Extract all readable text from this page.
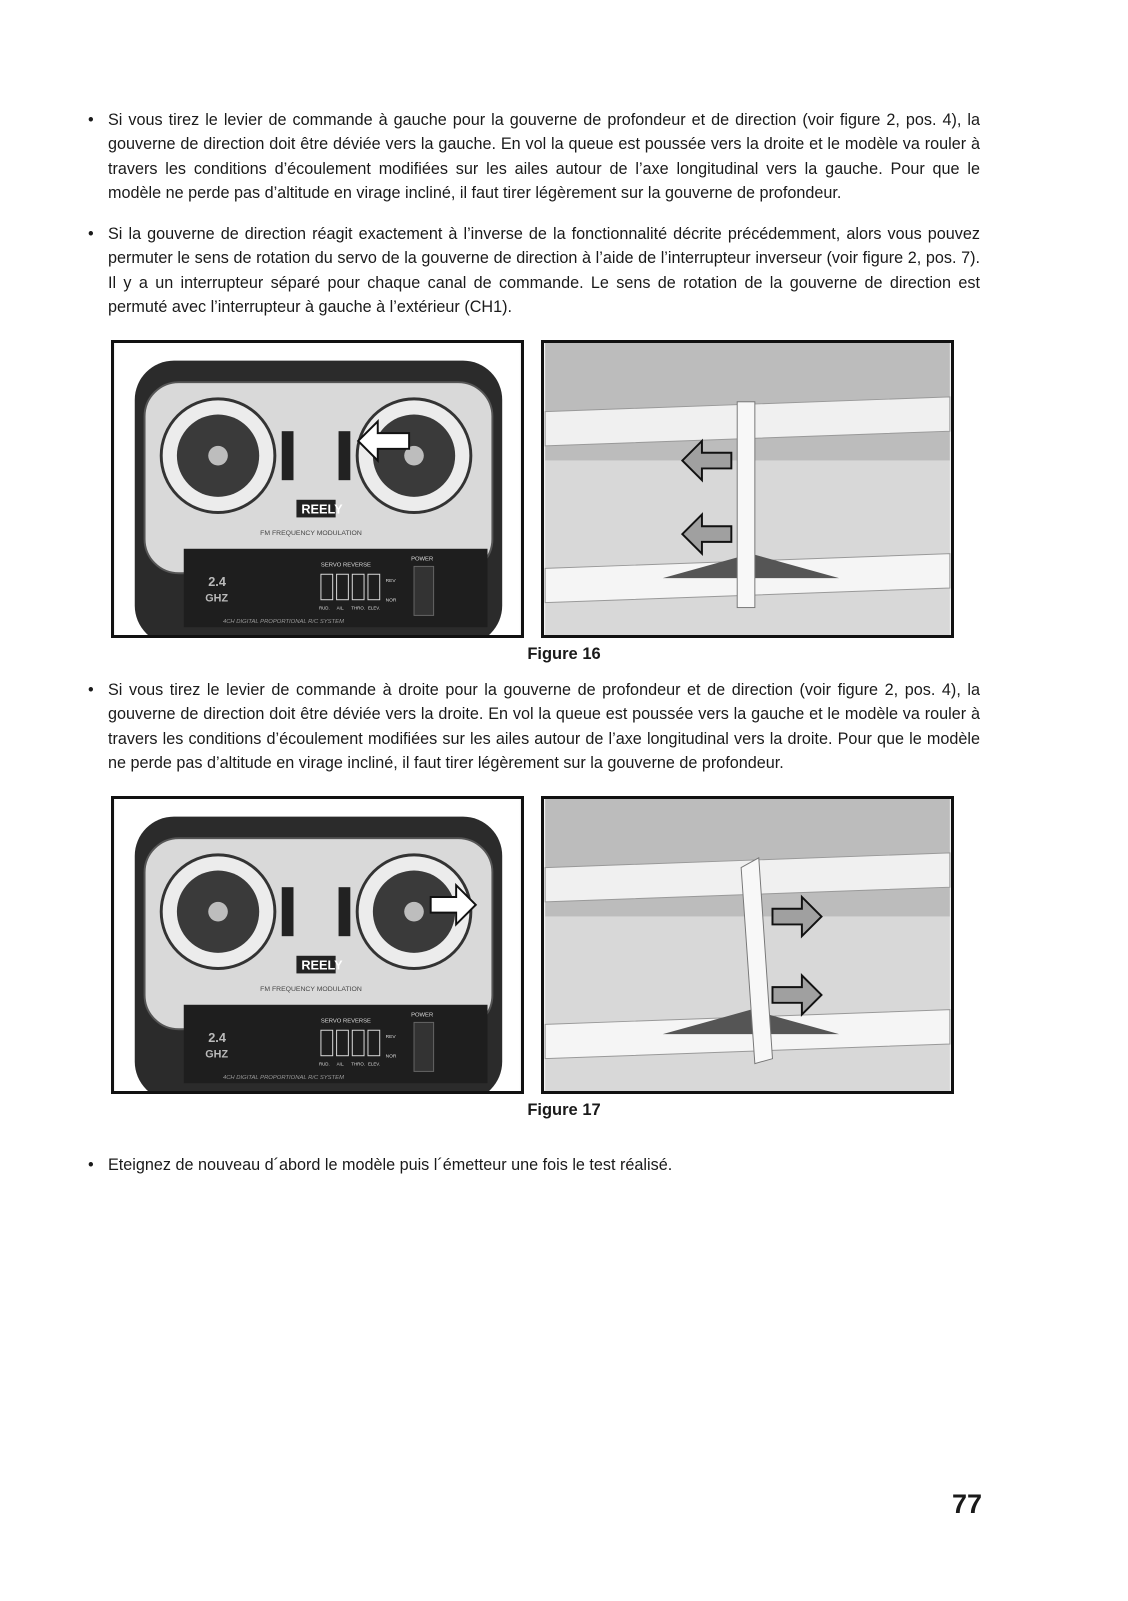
• Si vous tirez le levier de commande à gauche pour la gouverne de profondeur et de direction (voir figure 2, pos. 4), la gouverne de direction doit être déviée vers la gauche. En vol la queue est poussée vers la droite et le modèle va rouler à travers les conditions d’écoulement modifiées sur les ailes autour de l’axe longitudinal vers la gauche. Pour que le modèle ne perde pas d’altitude en virage incliné, il faut tirer légèrement sur la gouverne de profondeur.
• Si la gouverne de direction réagit exactement à l’inverse de la fonctionnalité décrite précédemment, alors vous pouvez permuter le sens de rotation du servo de la gouverne de direction à l’aide de l’interrupteur inverseur (voir figure 2, pos. 7). Il y a un interrupteur séparé pour chaque canal de commande. Le sens de rotation de la gouverne de direction est permuté avec l’interrupteur à gauche à l’extérieur (CH1).
REELY
FM FREQUENCY MODULATION
2.4
GHZ
SERVO REVERSE
POWER
REV
NOR
RUD. AIL. THRO. ELEV.
4CH DIGITAL PROPORTIONAL R/C SYSTEM
Figure 16
• Si vous tirez le levier de commande à droite pour la gouverne de profondeur et de direction (voir figure 2, pos. 4), la gouverne de direction doit être déviée vers la droite. En vol la queue est poussée vers la gauche et le modèle va rouler à travers les conditions d’écoulement modifiées sur les ailes autour de l’axe longitudinal vers la droite. Pour que le modèle ne perde pas d’altitude en virage incliné, il faut tirer légèrement sur la gouverne de profondeur.
REELY
FM FREQUENCY MODULATION
2.4
GHZ
SERVO REVERSE
POWER
REV
NOR
RUD. AIL. THRO. ELEV.
4CH DIGITAL PROPORTIONAL R/C SYSTEM
Figure 17
• Eteignez de nouveau d´abord le modèle puis l´émetteur une fois le test réalisé.
77
